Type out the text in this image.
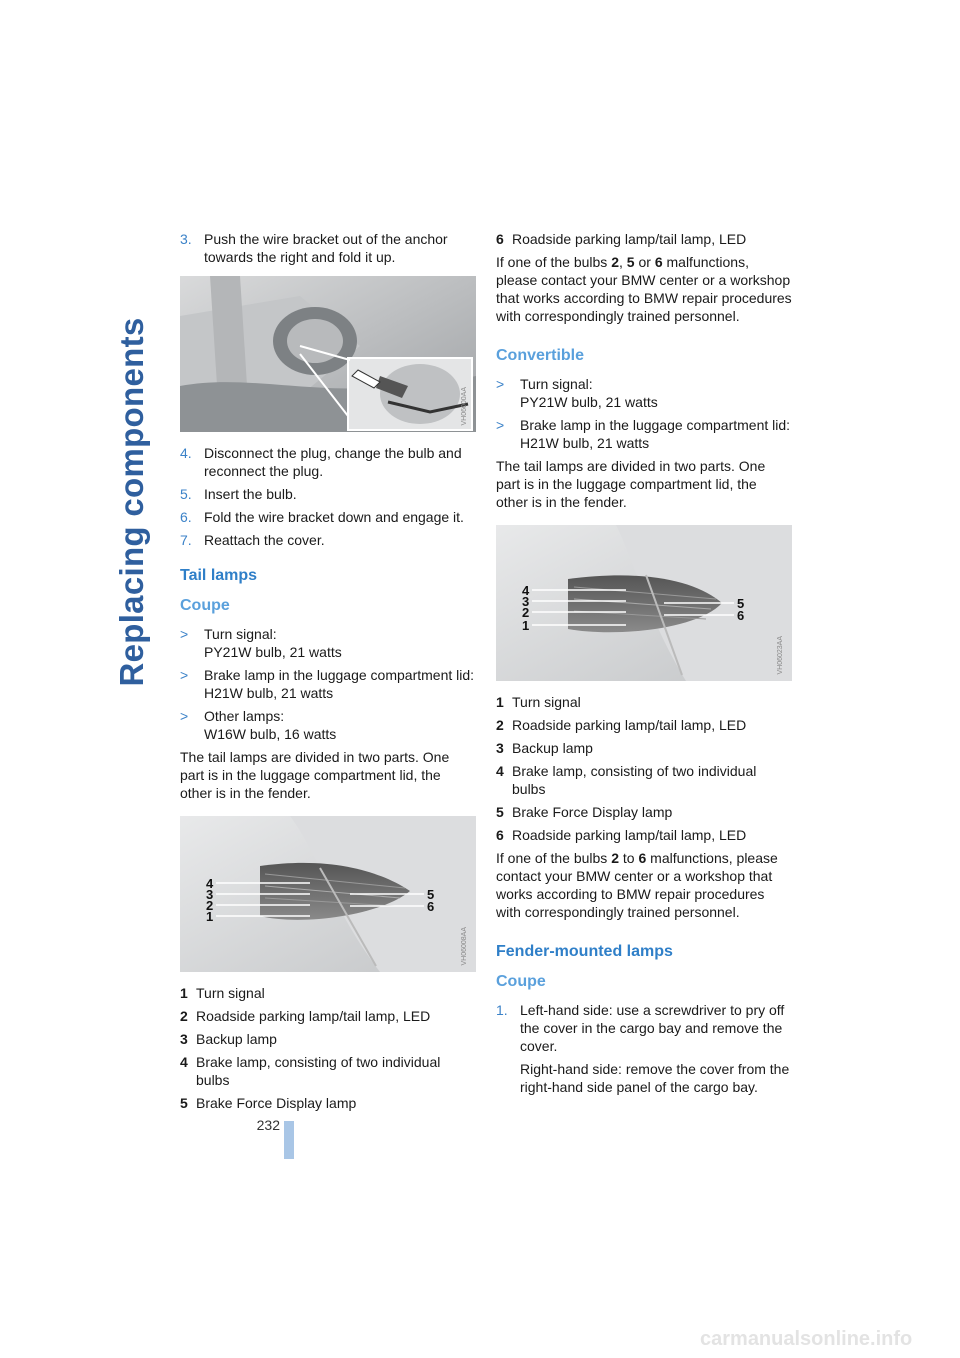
Replacing components
232
3. Push the wire bracket out of the anchor towards the right and fold it up.
VH06000AA
4. Disconnect the plug, change the bulb and reconnect the plug.
5. Insert the bulb.
6. Fold the wire bracket down and engage it.
7. Reattach the cover.
Tail lamps
Coupe
>	Turn signal:
PY21W bulb, 21 watts
>	Brake lamp in the luggage compartment lid:
H21W bulb, 21 watts
>	Other lamps:
W16W bulb, 16 watts

The tail lamps are divided in two parts. One part is in the luggage compartment lid, the other is in the fender.

4
3
2
1
5
6
VH06008AA
1 Turn signal
2 Roadside parking lamp/tail lamp, LED
3 Backup lamp
4 Brake lamp, consisting of two individual bulbs
5 Brake Force Display lamp
6 Roadside parking lamp/tail lamp, LED

If one of the bulbs 2, 5 or 6 malfunctions, please contact your BMW center or a workshop that works according to BMW repair procedures with correspondingly trained personnel.

Convertible
>	Turn signal:
PY21W bulb, 21 watts
>	Brake lamp in the luggage compartment lid:
H21W bulb, 21 watts

The tail lamps are divided in two parts. One part is in the luggage compartment lid, the other is in the fender.

4
3
2
1
5
6
VH06023AA
1 Turn signal
2 Roadside parking lamp/tail lamp, LED
3 Backup lamp
4 Brake lamp, consisting of two individual bulbs
5 Brake Force Display lamp
6 Roadside parking lamp/tail lamp, LED

If one of the bulbs 2 to 6 malfunctions, please contact your BMW center or a workshop that works according to BMW repair procedures with correspondingly trained personnel.

Fender-mounted lamps
Coupe
1. Left-hand side: use a screwdriver to pry off the cover in the cargo bay and remove the cover.
Right-hand side: remove the cover from the right-hand side panel of the cargo bay.
carmanualsonline.info
